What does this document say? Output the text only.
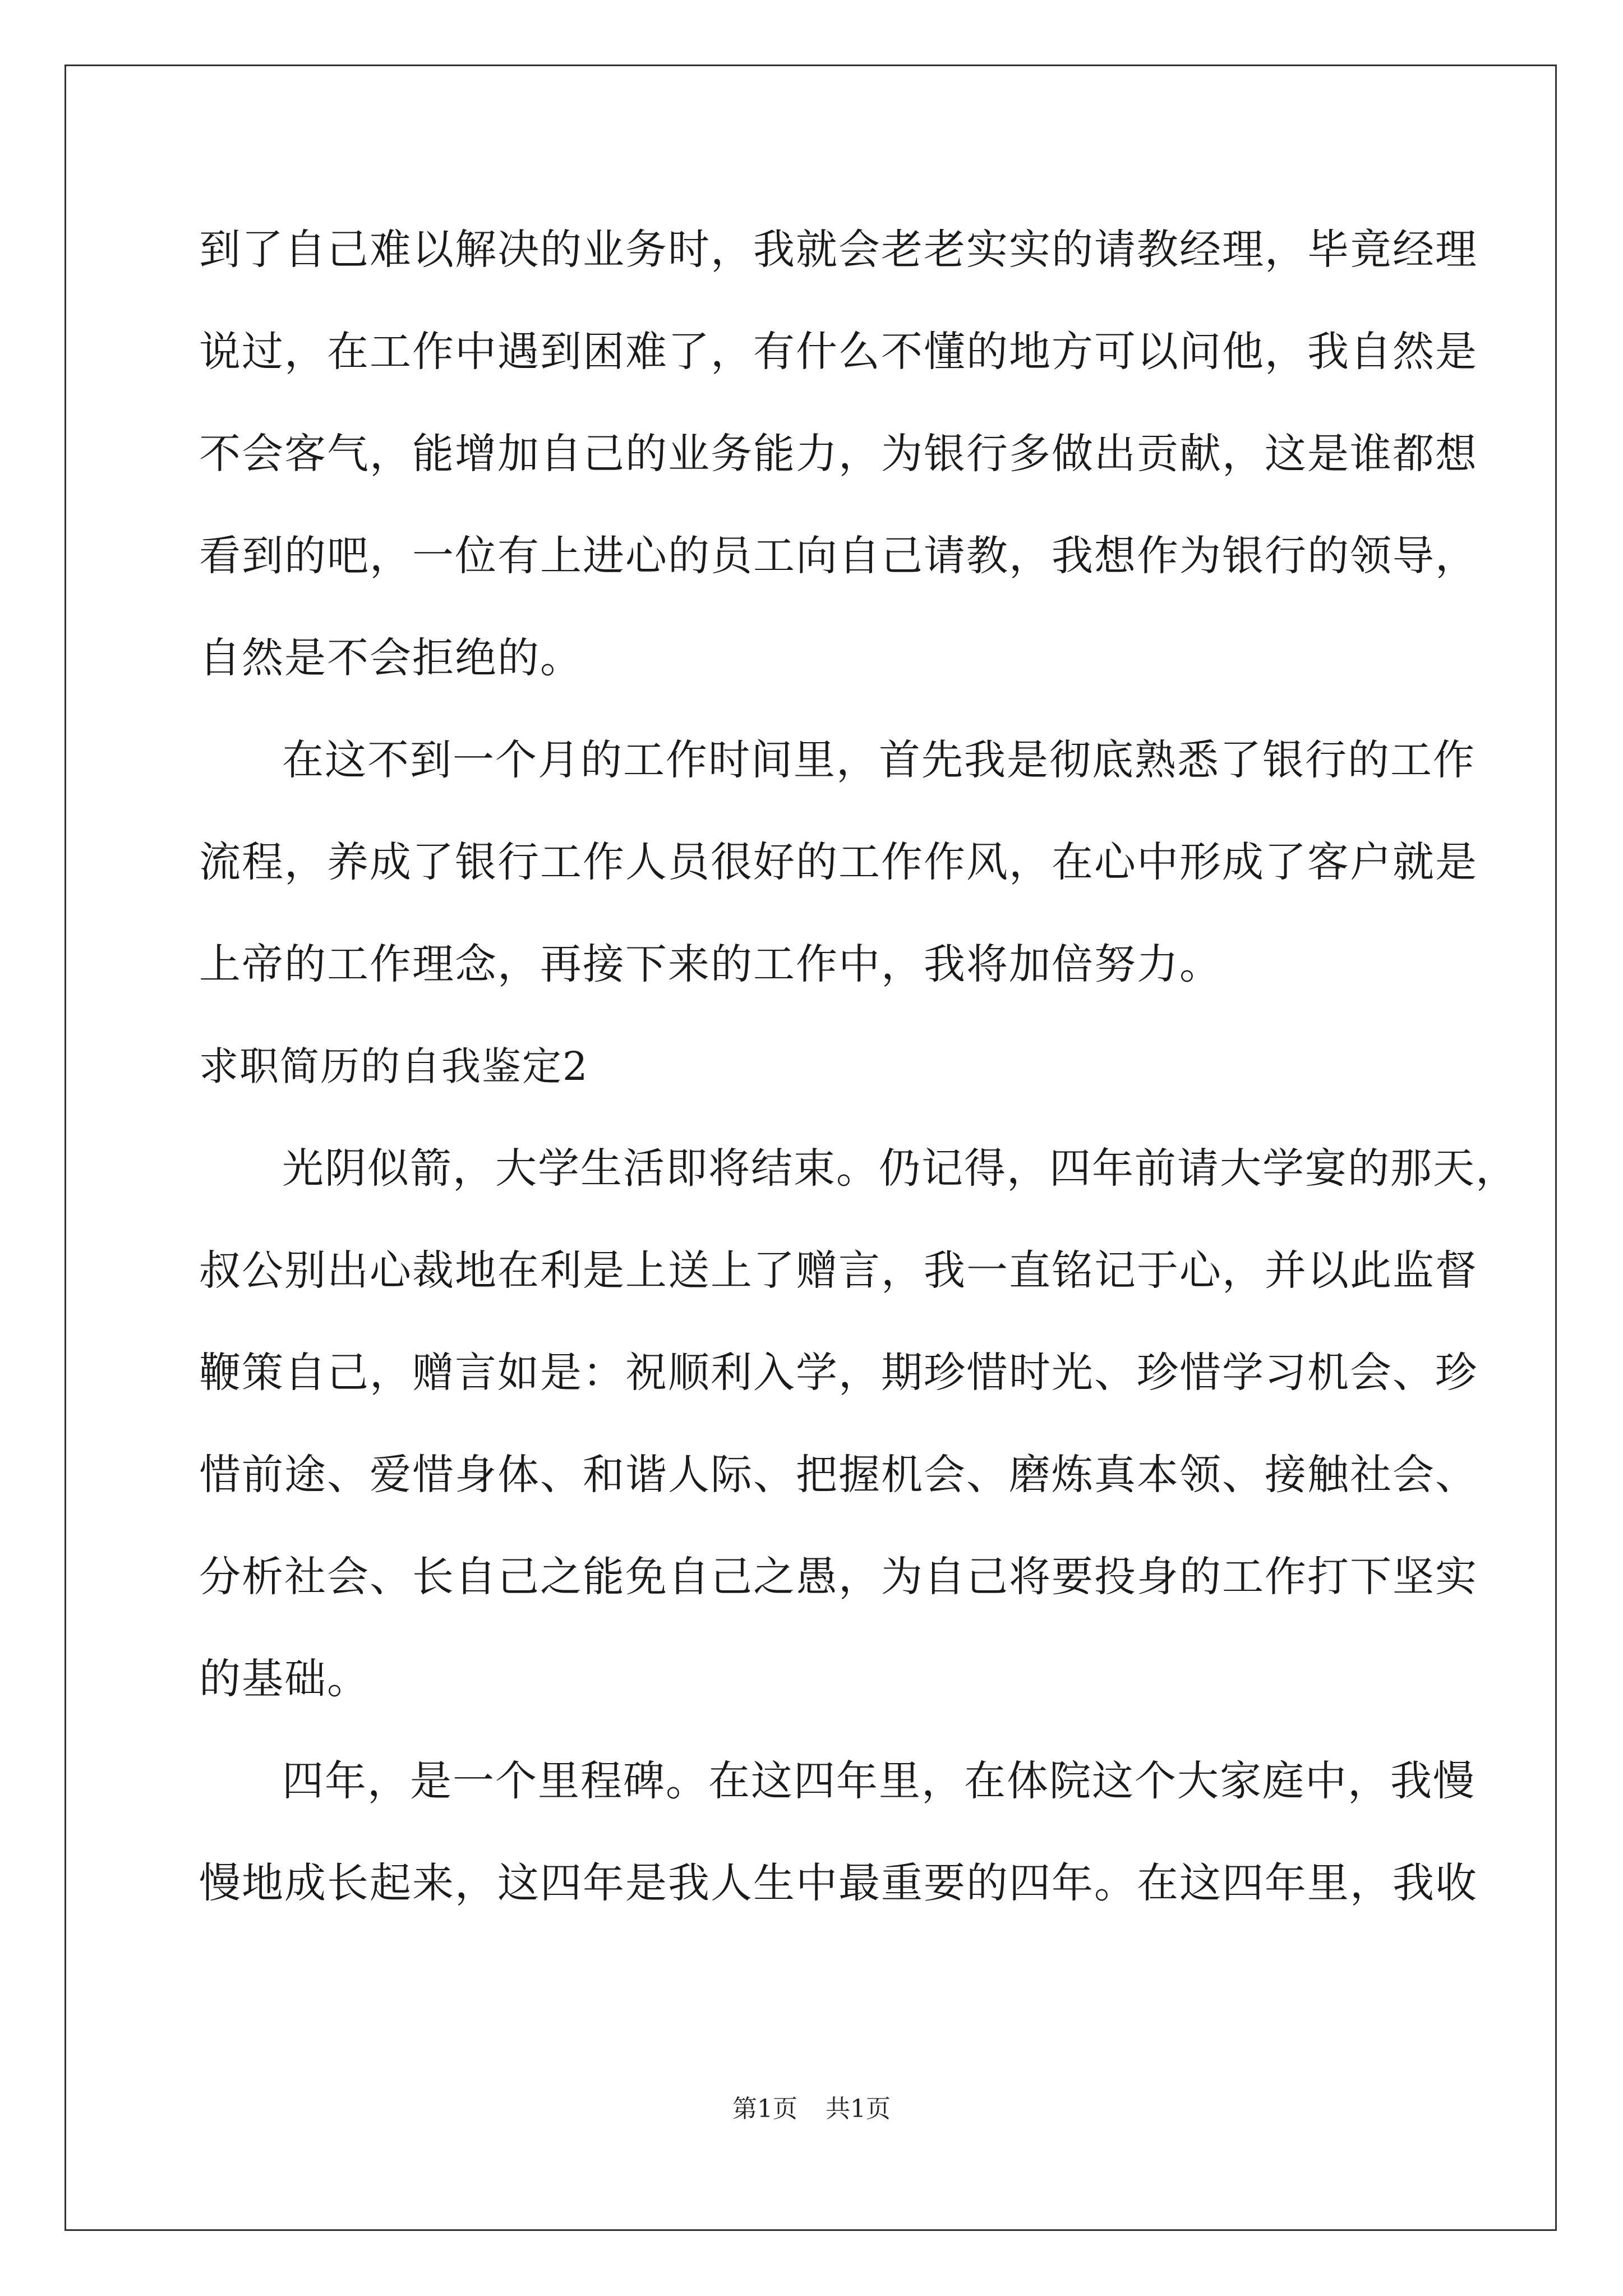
到了自己难以解决的业务时，我就会老老实实的请教经理，毕竟经理
说过，在工作中遇到困难了，有什么不懂的地方可以问他，我自然是
不会客气，能增加自己的业务能力，为银行多做出贡献，这是谁都想
看到的吧，一位有上进心的员工向自己请教，我想作为银行的领导，
自然是不会拒绝的。
在这不到一个月的工作时间里，首先我是彻底熟悉了银行的工作
流程，养成了银行工作人员很好的工作作风，在心中形成了客户就是
上帝的工作理念，再接下来的工作中，我将加倍努力。
求职简历的自我鉴定2
光阴似箭，大学生活即将结束。仍记得，四年前请大学宴的那天，
叔公别出心裁地在利是上送上了赠言，我一直铭记于心，并以此监督
鞭策自己，赠言如是：祝顺利入学，期珍惜时光、珍惜学习机会、珍
惜前途、爱惜身体、和谐人际、把握机会、磨炼真本领、接触社会、
分析社会、长自己之能免自己之愚，为自己将要投身的工作打下坚实
的基础。
四年，是一个里程碑。在这四年里，在体院这个大家庭中，我慢
慢地成长起来，这四年是我人生中最重要的四年。在这四年里，我收
第1页 共1页
